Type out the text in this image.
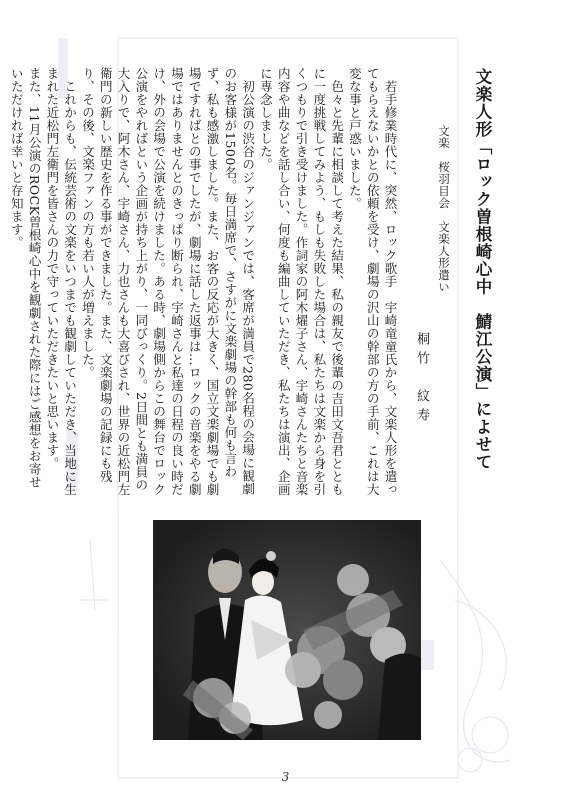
文楽人形「ロック曽根崎心中　鯖江公演」によせて
文楽　桜羽目会　文楽人形遣い
桐竹　紋寿

　若手修業時代に、突然、ロック歌手　宇崎竜童氏から、文楽人形を遣ってもらえないかとの依頼を受け、劇場の沢山の幹部の方の手前、これは大変な事と戸惑いました。

　色々と先輩に相談して考えた結果、私の親友で後輩の吉田文吾君とともに一度挑戦してみよう、もしも失敗した場合は、私たちは文楽から身を引くつもりで引き受けました。作詞家の阿木燿子さん、宇崎さんたちと音楽内容や曲などを話し合い、何度も編曲していただき、私たちは演出、企画に専念しました。

　初公演の渋谷のジァンジァンでは、客席が満員で280名程の会場に観劇のお客様が1500名。毎日満席で、さすがに文楽劇場の幹部も何も言わず、私も感激しました。また、お客の反応が大きく、国立文楽劇場でも劇場ですればとの事でしたが、劇場に話した返事は…ロックの音楽をやる劇場ではありませんとのきっぱり断られ、宇崎さんと私達の日程の良い時だけ、外の会場で公演を続けました。ある時、劇場側からこの舞台でロック公演をやればという企画が持ち上がり、一同びっくり。2日間とも満員の大入りで、阿木さん、宇崎さん、力也さんも大喜びされ、世界の近松門左衛門の新しい歴史を作る事ができました。また、文楽劇場の記録にも残り、その後、文楽ファンの方も若い人が増えました。

　これからも、伝統芸術の文楽をいつまでも観劇していただき、当地に生まれた近松門左衛門を皆さんの力で守っていただきたいと思います。

また、11月公演のROCK曽根崎心中を観劇された際にはご感想をお寄せいただければ幸いと存知ます。

3
